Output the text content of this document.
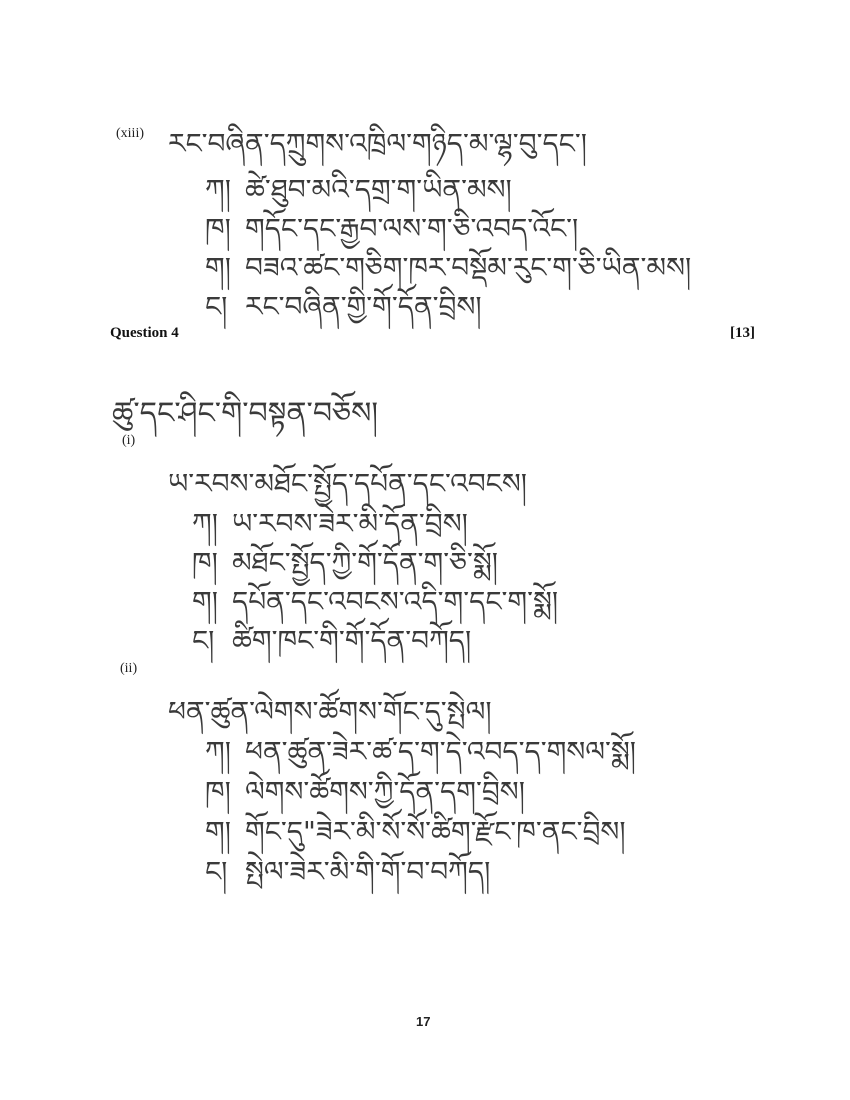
(xiii) རང་བཞིན་དཀྲུགས་འཁྲིལ་གཉིད་མ་ལྷ་བུ་དང་།
ཀ། ཚེ་ཐུབ་མའི་དགྲ་ག་ཡིན་མས།
ཁ། གདོང་དང་རྒྱབ་ལས་ག་ཅི་འབད་འོང་།
ག། བཟའ་ཚང་གཅིག་ཁར་བསྡོམ་རུང་ག་ཅི་ཡིན་མས།
ང། རང་བཞིན་གྱི་གོ་དོན་བྲིས།
Question 4	[13]
ཚུ་དང་ཤིང་གི་བསྟན་བཅོས།
(i)
ཡ་རབས་མཐོང་སྤྱོད་དཔོན་དང་འབངས།
ཀ། ཡ་རབས་ཟེར་མི་དོན་བྲིས།
ཁ། མཐོང་སྤྱོད་ཀྱི་གོ་དོན་ག་ཅི་སྨོ།
ག། དཔོན་དང་འབངས་འདི་ག་དང་ག་སྨོ།
ང། ཚིག་ཁང་གི་གོ་དོན་བཀོད།
(ii)
ཕན་ཚུན་ལེགས་ཚོགས་གོང་དུ་སྤེལ།
ཀ། ཕན་ཚུན་ཟེར་ཚ་ད་ག་དེ་འབད་ད་གསལ་སྨོ།
ཁ། ལེགས་ཚོགས་ཀྱི་དོན་དག་བྲིས།
ག། གོང་དུ"ཟེར་མི་སོ་སོ་ཚིག་རྫོང་ཁ་ནང་བྲིས།
ང། སྤེལ་ཟེར་མི་གི་གོ་བ་བཀོད།
17
